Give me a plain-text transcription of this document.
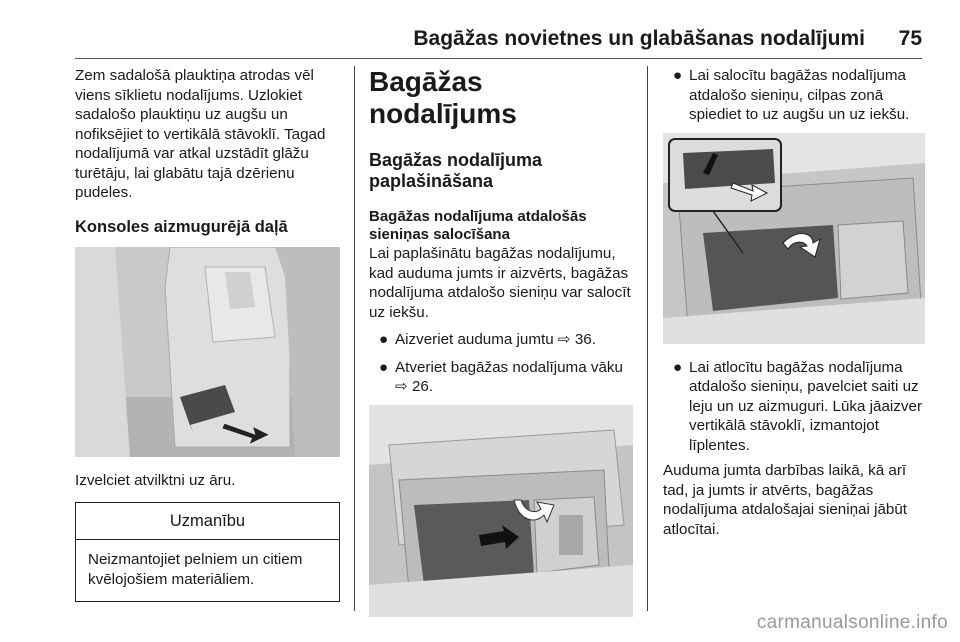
Bagāžas novietnes un glabāšanas nodalījumi 75

Zem sadalošā plauktiņa atrodas vēl viens sīklietu nodalījums. Uzlokiet sadalošo plauktiņu uz augšu un nofiksējiet to vertikālā stāvoklī. Tagad nodalījumā var atkal uzstādīt glāžu turētāju, lai glabātu tajā dzērienu pudeles.

Konsoles aizmugurējā daļā

Izvelciet atvilktni uz āru.

Uzmanību
Neizmantojiet pelniem un citiem kvēlojošiem materiāliem.
Bagāžas nodalījums
Bagāžas nodalījuma paplašināšana
Bagāžas nodalījuma atdalošās sieniņas salocīšana

Lai paplašinātu bagāžas nodalījumu, kad auduma jumts ir aizvērts, bagāžas nodalījuma atdalošo sieniņu var salocīt uz iekšu.

● Aizveriet auduma jumtu ⇨ 36.
● Atveriet bagāžas nodalījuma vāku ⇨ 26.
● Lai salocītu bagāžas nodalījuma atdalošo sieniņu, cilpas zonā spiediet to uz augšu un uz iekšu.
● Lai atlocītu bagāžas nodalījuma atdalošo sieniņu, pavelciet saiti uz leju un uz aizmuguri. Lūka jāaizver vertikālā stāvoklī, izmantojot līplentes.

Auduma jumta darbības laikā, kā arī tad, ja jumts ir atvērts, bagāžas nodalījuma atdalošajai sieniņai jābūt atlocītai.

carmanualsonline.info
